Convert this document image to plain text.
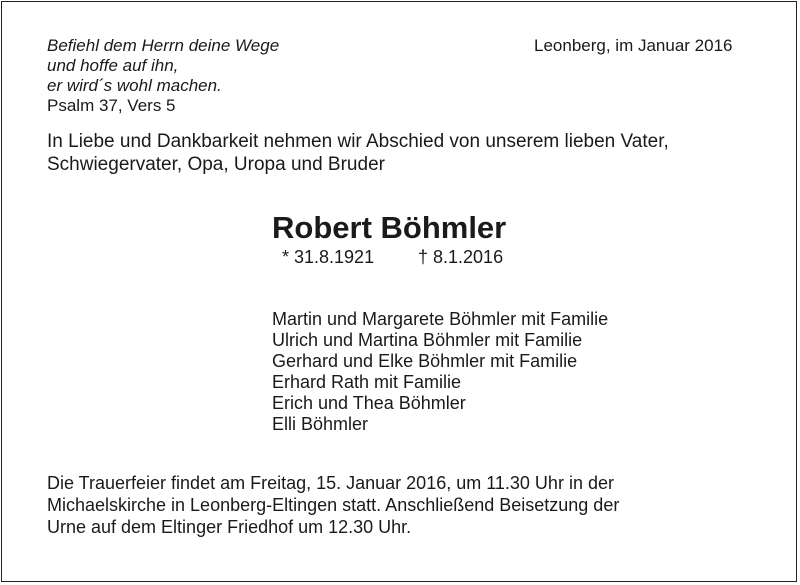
Befiehl dem Herrn deine Wege
und hoffe auf ihn,
er wird´s wohl machen.
Psalm 37, Vers 5
Leonberg, im Januar 2016
In Liebe und Dankbarkeit nehmen wir Abschied von unserem lieben Vater,
Schwiegervater, Opa, Uropa und Bruder
Robert Böhmler
* 31.8.1921 † 8.1.2016
Martin und Margarete Böhmler mit Familie
Ulrich und Martina Böhmler mit Familie
Gerhard und Elke Böhmler mit Familie
Erhard Rath mit Familie
Erich und Thea Böhmler
Elli Böhmler
Die Trauerfeier findet am Freitag, 15. Januar 2016, um 11.30 Uhr in der
Michaelskirche in Leonberg-Eltingen statt. Anschließend Beisetzung der
Urne auf dem Eltinger Friedhof um 12.30 Uhr.
